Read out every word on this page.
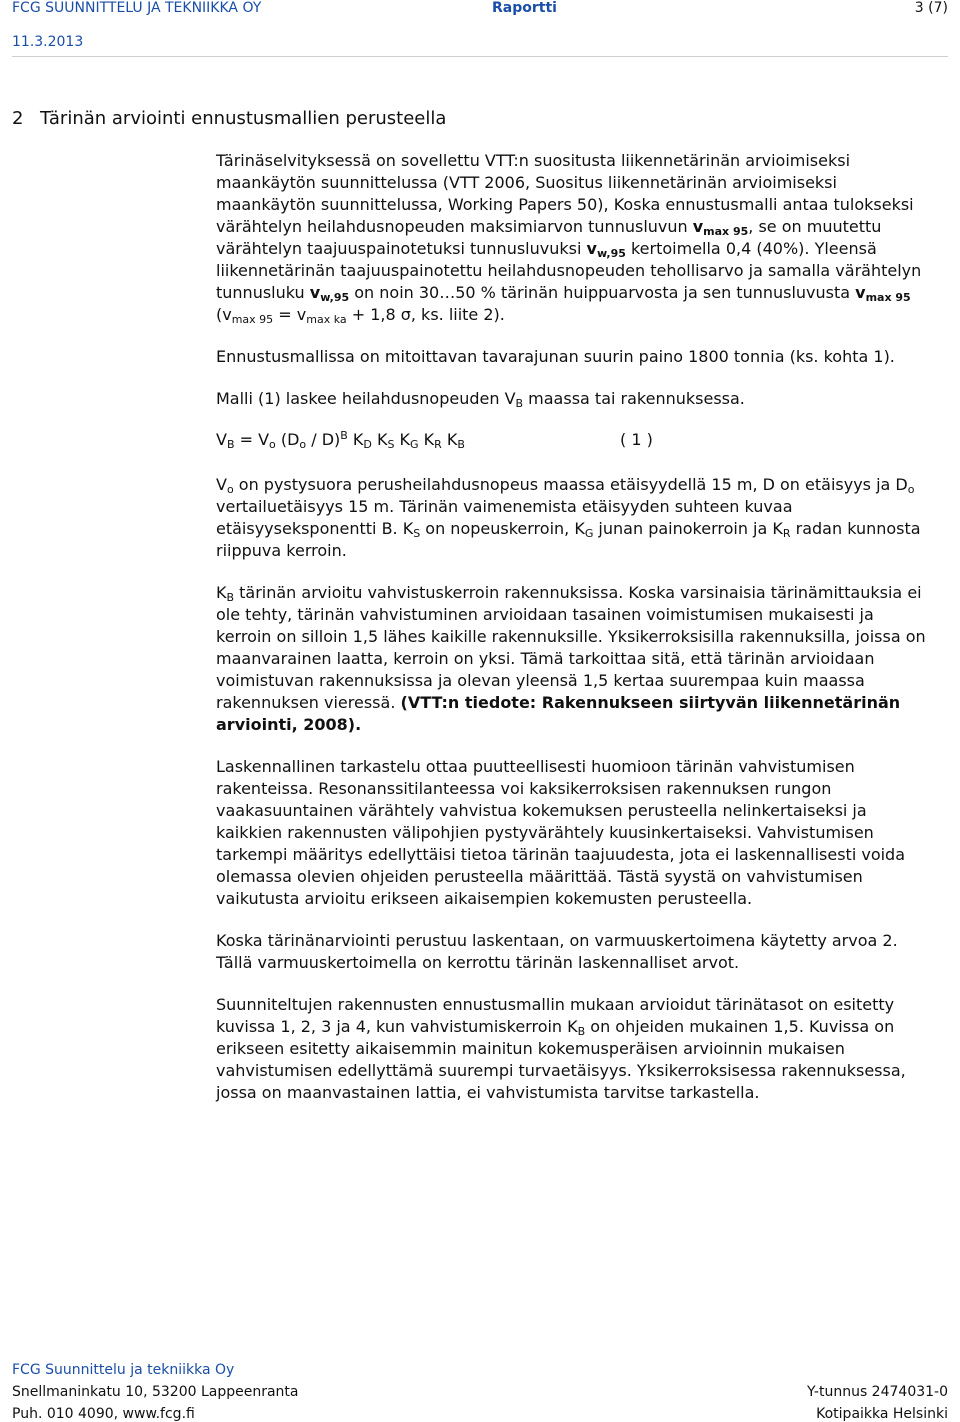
FCG SUUNNITTELU JA TEKNIIKKA OY	Raportti	3 (7)
11.3.2013
2 Tärinän arviointi ennustusmallien perusteella

Tärinäselvityksessä on sovellettu VTT:n suositusta liikennetärinän arvioimiseksi maankäytön suunnittelussa (VTT 2006, Suositus liikennetärinän arvioimiseksi maankäytön suunnittelussa, Working Papers 50), Koska ennustusmalli antaa tulokseksi värähtelyn heilahdusnopeuden maksimiarvon tunnusluvun $v_{max 95}$, se on muutettu värähtelyn taajuuspainotetuksi tunnusluvuksi $v_{w,95}$ kertoimella 0,4 (40%). Yleensä liikennetärinän taajuuspainotettu heilahdusnopeuden tehollisarvo ja samalla värähtelyn tunnusluku $v_{w,95}$ on noin 30…50 % tärinän huippuarvosta ja sen tunnusluvusta $v_{max 95}$ ($v_{max 95} = v_{max ka} + 1,8$ σ, ks. liite 2).

Ennustusmallissa on mitoittavan tavarajunan suurin paino 1800 tonnia (ks. kohta 1).

Malli (1) laskee heilahdusnopeuden $V_B$ maassa tai rakennuksessa.

$V_B = V_o$ $(D_o / D)^B$ $K_D$ $K_S$ $K_G$ $K_R$ $K_B$	( 1 )

$V_o$ on pystysuora perusheilahdusnopeus maassa etäisyydellä 15 m, D on etäisyys ja $D_o$ vertailuetäisyys 15 m. Tärinän vaimenemista etäisyyden suhteen kuvaa etäisyyseksponentti B. $K_S$ on nopeuskerroin, $K_G$ junan painokerroin ja $K_R$ radan kunnosta riippuva kerroin.

$K_B$ tärinän arvioitu vahvistuskerroin rakennuksissa. Koska varsinaisia tärinämittauksia ei ole tehty, tärinän vahvistuminen arvioidaan tasainen voimistumisen mukaisesti ja kerroin on silloin 1,5 lähes kaikille rakennuksille. Yksikerroksisilla rakennuksilla, joissa on maanvarainen laatta, kerroin on yksi. Tämä tarkoittaa sitä, että tärinän arvioidaan voimistuvan rakennuksissa ja olevan yleensä 1,5 kertaa suurempaa kuin maassa rakennuksen vieressä. (VTT:n tiedote: Rakennukseen siirtyvän liikennetärinän arviointi, 2008).

Laskennallinen tarkastelu ottaa puutteellisesti huomioon tärinän vahvistumisen rakenteissa. Resonanssitilanteessa voi kaksikerroksisen rakennuksen rungon vaakasuuntainen värähtely vahvistua kokemuksen perusteella nelinkertaiseksi ja kaikkien rakennusten välipohjien pystyvärähtely kuusinkertaiseksi. Vahvistumisen tarkempi määritys edellyttäisi tietoa tärinän taajuudesta, jota ei laskennallisesti voida olemassa olevien ohjeiden perusteella määrittää. Tästä syystä on vahvistumisen vaikutusta arvioitu erikseen aikaisempien kokemusten perusteella.

Koska tärinänarviointi perustuu laskentaan, on varmuuskertoimena käytetty arvoa 2. Tällä varmuuskertoimella on kerrottu tärinän laskennalliset arvot.

Suunniteltujen rakennusten ennustusmallin mukaan arvioidut tärinätasot on esitetty kuvissa 1, 2, 3 ja 4, kun vahvistumiskerroin $K_B$ on ohjeiden mukainen 1,5. Kuvissa on erikseen esitetty aikaisemmin mainitun kokemusperäisen arvioinnin mukaisen vahvistumisen edellyttämä suurempi turvaetäisyys. Yksikerroksisessa rakennuksessa, jossa on maanvastainen lattia, ei vahvistumista tarvitse tarkastella.

FCG Suunnittelu ja tekniikka Oy
Snellmaninkatu 10, 53200 Lappeenranta
Puh. 010 4090, www.fcg.fi
Y-tunnus 2474031-0
Kotipaikka Helsinki
